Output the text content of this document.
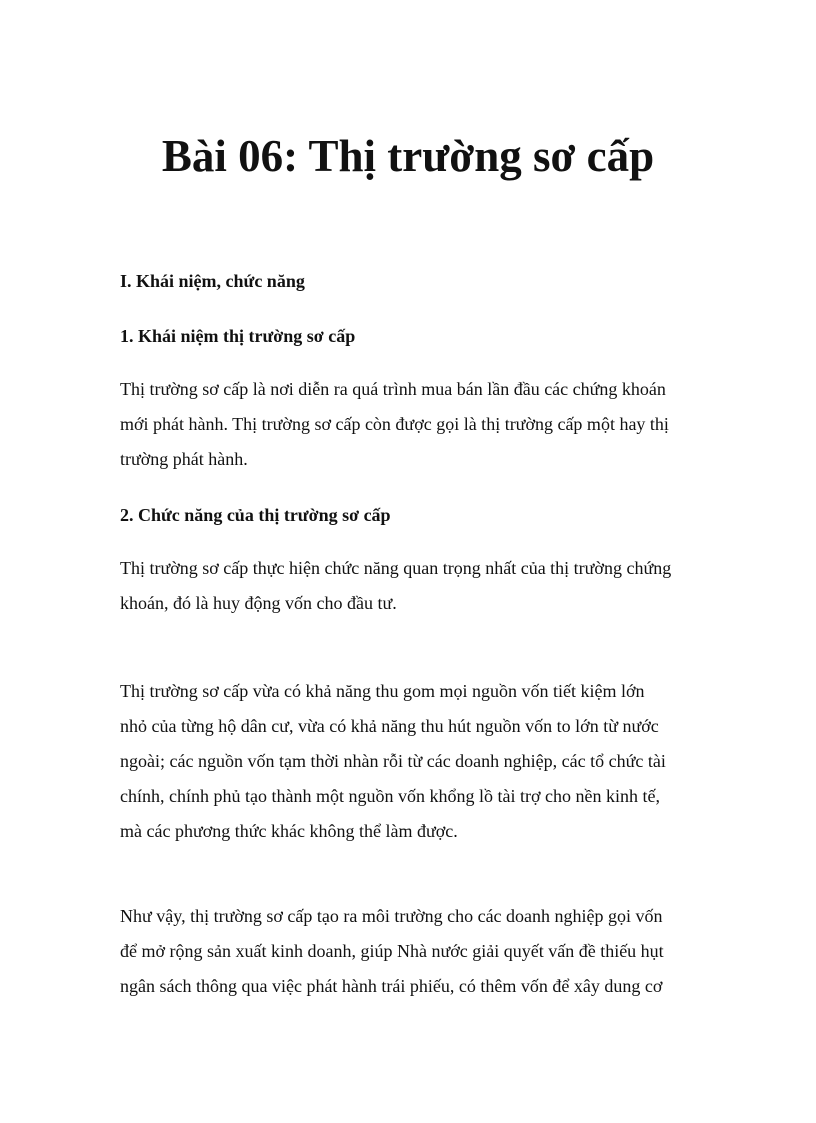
Bài 06: Thị trường sơ cấp
I. Khái niệm, chức năng
1. Khái niệm thị trường sơ cấp
Thị trường sơ cấp là nơi diễn ra quá trình mua bán lần đầu các chứng khoán
mới phát hành. Thị trường sơ cấp còn được gọi là thị trường cấp một hay thị
trường phát hành.
2. Chức năng của thị trường sơ cấp
Thị trường sơ cấp thực hiện chức năng quan trọng nhất của thị trường chứng
khoán, đó là huy động vốn cho đầu tư.
Thị trường sơ cấp vừa có khả năng thu gom mọi nguồn vốn tiết kiệm lớn
nhỏ của từng hộ dân cư, vừa có khả năng thu hút nguồn vốn to lớn từ nước
ngoài; các nguồn vốn tạm thời nhàn rỗi từ các doanh nghiệp, các tổ chức tài
chính, chính phủ tạo thành một nguồn vốn khổng lồ tài trợ cho nền kinh tế,
mà các phương thức khác không thể làm được.
Như vậy, thị trường sơ cấp tạo ra môi trường cho các doanh nghiệp gọi vốn
để mở rộng sản xuất kinh doanh, giúp Nhà nước giải quyết vấn đề thiếu hụt
ngân sách thông qua việc phát hành trái phiếu, có thêm vốn để xây dung cơ
